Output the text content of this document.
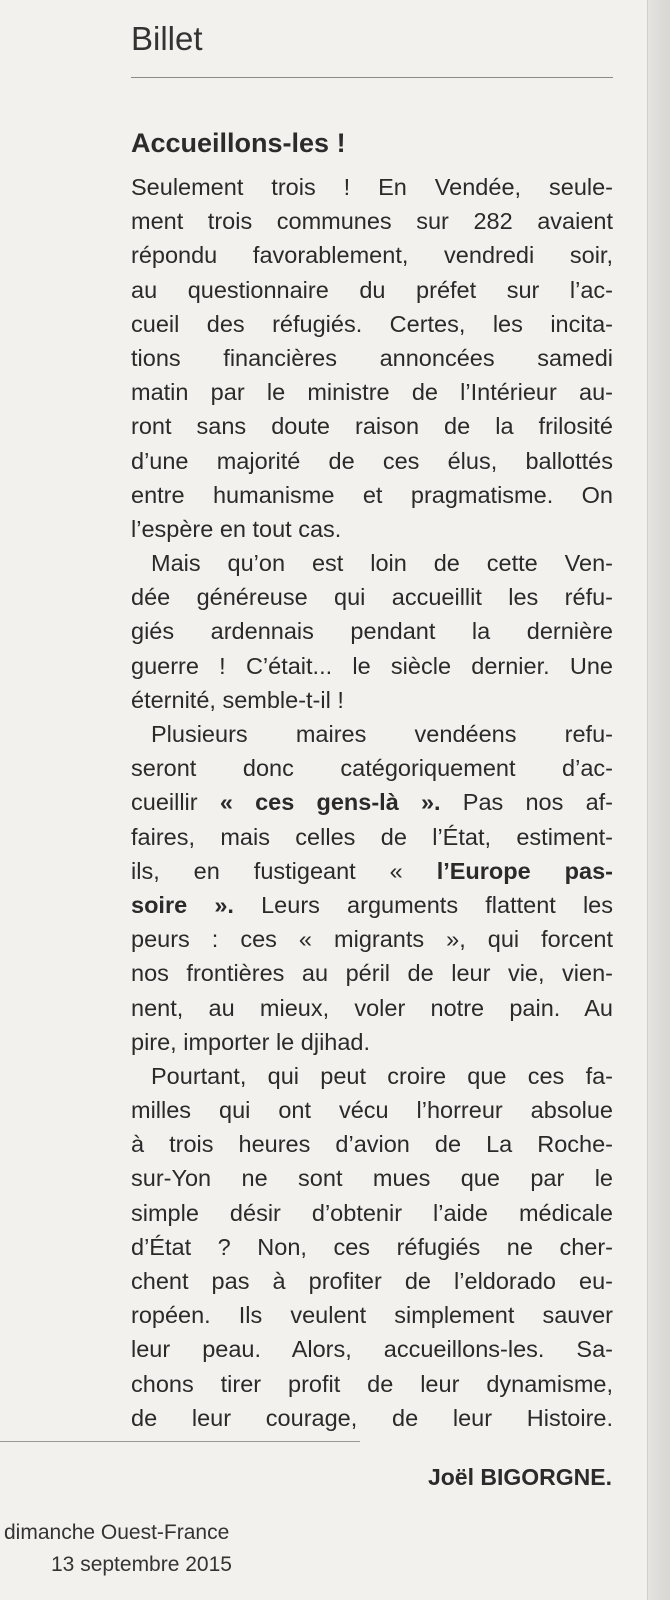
Billet
Accueillons-les !
Seulement trois ! En Vendée, seule-
ment trois communes sur 282 avaient
répondu favorablement, vendredi soir,
au questionnaire du préfet sur l’ac-
cueil des réfugiés. Certes, les incita-
tions financières annoncées samedi
matin par le ministre de l’Intérieur au-
ront sans doute raison de la frilosité
d’une majorité de ces élus, ballottés
entre humanisme et pragmatisme. On
l’espère en tout cas.
Mais qu’on est loin de cette Ven-
dée généreuse qui accueillit les réfu-
giés ardennais pendant la dernière
guerre ! C’était... le siècle dernier. Une
éternité, semble-t-il !
Plusieurs maires vendéens refu-
seront donc catégoriquement d’ac-
cueillir « ces gens-là ». Pas nos af-
faires, mais celles de l’État, estiment-
ils, en fustigeant « l’Europe pas-
soire ». Leurs arguments flattent les
peurs : ces « migrants », qui forcent
nos frontières au péril de leur vie, vien-
nent, au mieux, voler notre pain. Au
pire, importer le djihad.
Pourtant, qui peut croire que ces fa-
milles qui ont vécu l’horreur absolue
à trois heures d’avion de La Roche-
sur-Yon ne sont mues que par le
simple désir d’obtenir l’aide médicale
d’État ? Non, ces réfugiés ne cher-
chent pas à profiter de l’eldorado eu-
ropéen. Ils veulent simplement sauver
leur peau. Alors, accueillons-les. Sa-
chons tirer profit de leur dynamisme,
de leur courage, de leur Histoire.
Joël BIGORGNE.
dimanche Ouest-France
13 septembre 2015
